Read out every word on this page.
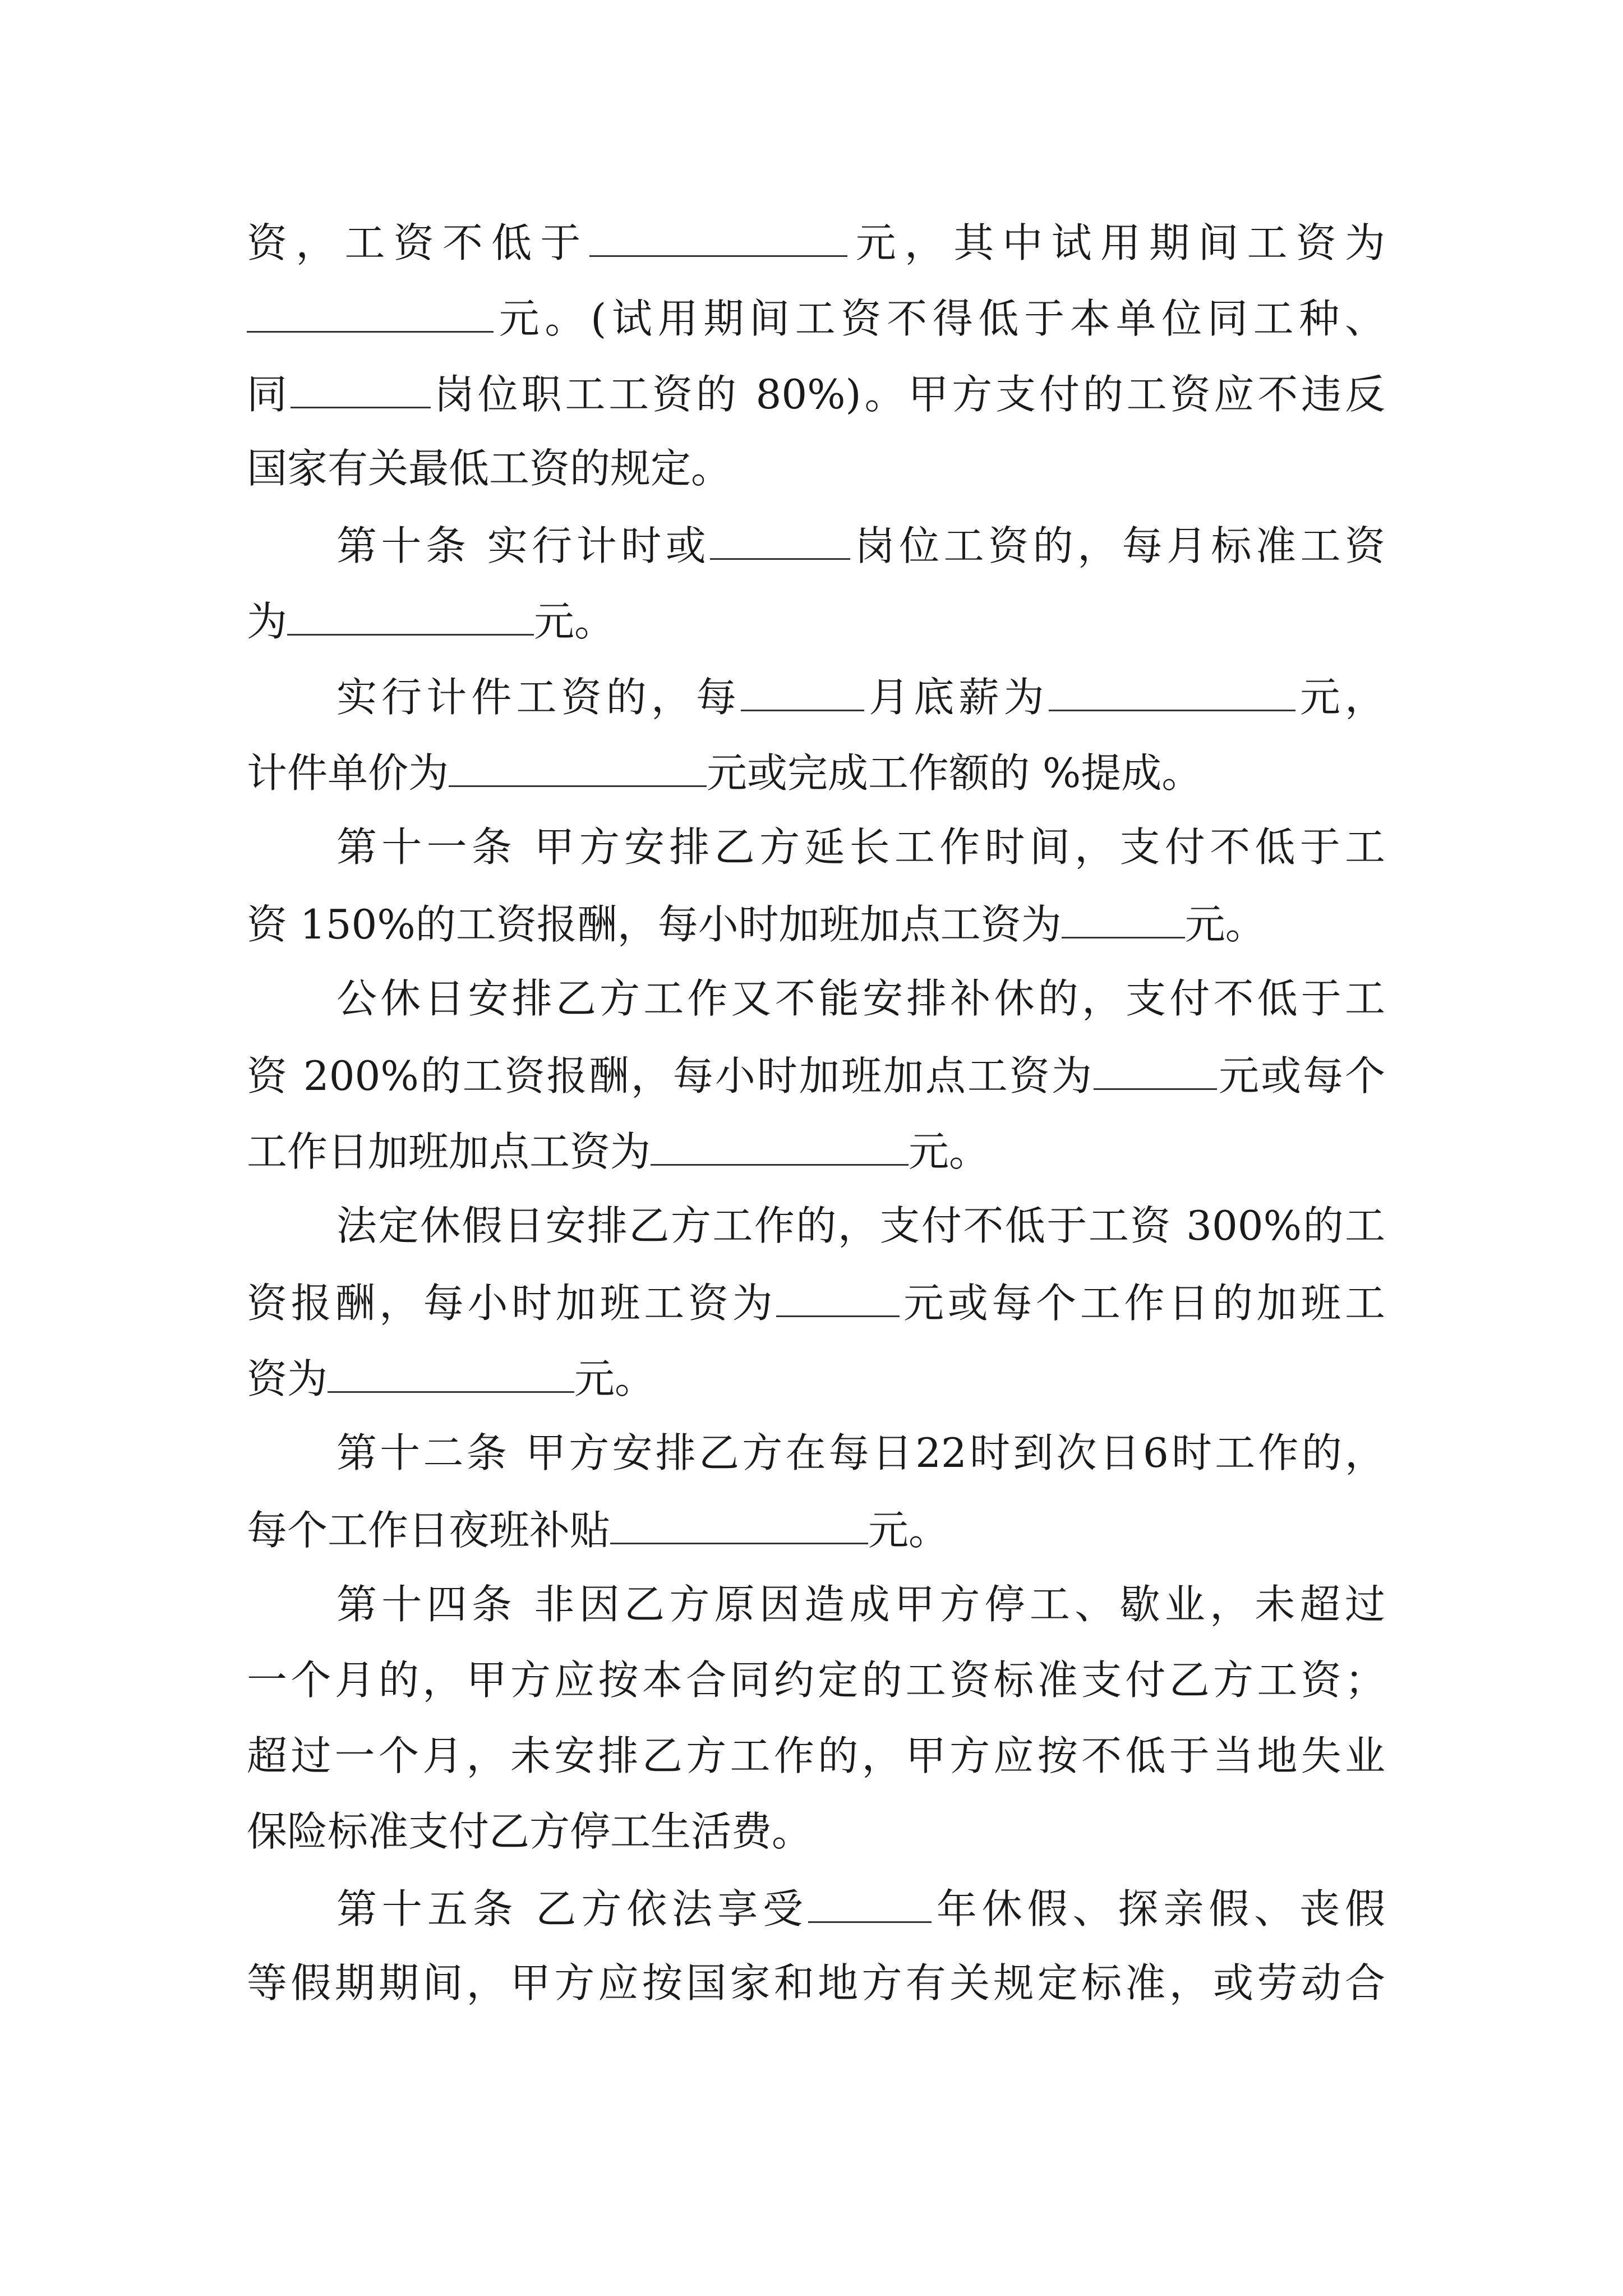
资，工资不低于	元，其中试用期间工资为
元。(试用期间工资不得低于本单位同工种、
同	岗位职工工资的 80%)。甲方支付的工资应不违反
国家有关最低工资的规定。
第十条 实行计时或	岗位工资的，每月标准工资
为	元。
实行计件工资的，每	月底薪为	元，
计件单价为	元或完成工作额的 %提成。
第十一条 甲方安排乙方延长工作时间，支付不低于工
资 150%的工资报酬，每小时加班加点工资为	元。
公休日安排乙方工作又不能安排补休的，支付不低于工
资 200%的工资报酬，每小时加班加点工资为	元或每个
工作日加班加点工资为	元。
法定休假日安排乙方工作的，支付不低于工资 300%的工
资报酬，每小时加班工资为	元或每个工作日的加班工
资为	元。
第十二条 甲方安排乙方在每日22时到次日6时工作的，
每个工作日夜班补贴	元。
第十四条 非因乙方原因造成甲方停工、歇业，未超过
一个月的，甲方应按本合同约定的工资标准支付乙方工资；
超过一个月，未安排乙方工作的，甲方应按不低于当地失业
保险标准支付乙方停工生活费。
第十五条 乙方依法享受	年休假、探亲假、丧假
等假期期间，甲方应按国家和地方有关规定标准，或劳动合
